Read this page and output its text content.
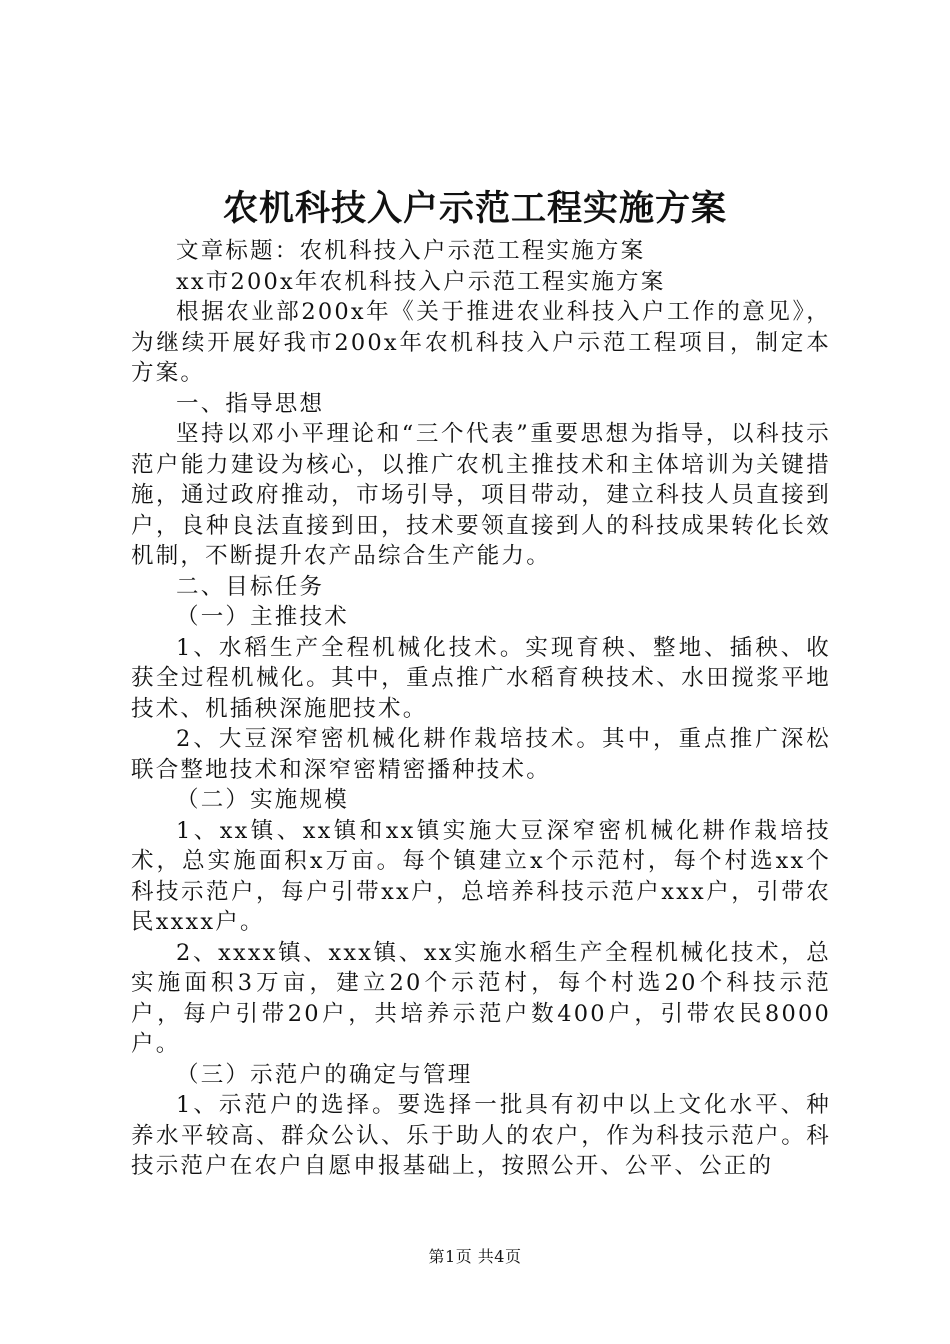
农机科技入户示范工程实施方案

文章标题：农机科技入户示范工程实施方案

xx市200x年农机科技入户示范工程实施方案

根据农业部200x年《关于推进农业科技入户工作的意见》，为继续开展好我市200x年农机科技入户示范工程项目，制定本方案。

一、指导思想

坚持以邓小平理论和“三个代表”重要思想为指导，以科技示范户能力建设为核心，以推广农机主推技术和主体培训为关键措施，通过政府推动，市场引导，项目带动，建立科技人员直接到户，良种良法直接到田，技术要领直接到人的科技成果转化长效机制，不断提升农产品综合生产能力。

二、目标任务

（一）主推技术

1、水稻生产全程机械化技术。实现育秧、整地、插秧、收获全过程机械化。其中，重点推广水稻育秧技术、水田搅浆平地技术、机插秧深施肥技术。

2、大豆深窄密机械化耕作栽培技术。其中，重点推广深松联合整地技术和深窄密精密播种技术。

（二）实施规模

1、xx镇、xx镇和xx镇实施大豆深窄密机械化耕作栽培技术，总实施面积x万亩。每个镇建立x个示范村，每个村选xx个科技示范户，每户引带xx户，总培养科技示范户xxx户，引带农民xxxx户。

2、xxxx镇、xxx镇、xx实施水稻生产全程机械化技术，总实施面积3万亩，建立20个示范村，每个村选20个科技示范户，每户引带20户，共培养示范户数400户，引带农民8000户。

（三）示范户的确定与管理

1、示范户的选择。要选择一批具有初中以上文化水平、种养水平较高、群众公认、乐于助人的农户，作为科技示范户。科技示范户在农户自愿申报基础上，按照公开、公平、公正的

第1页 共4页
